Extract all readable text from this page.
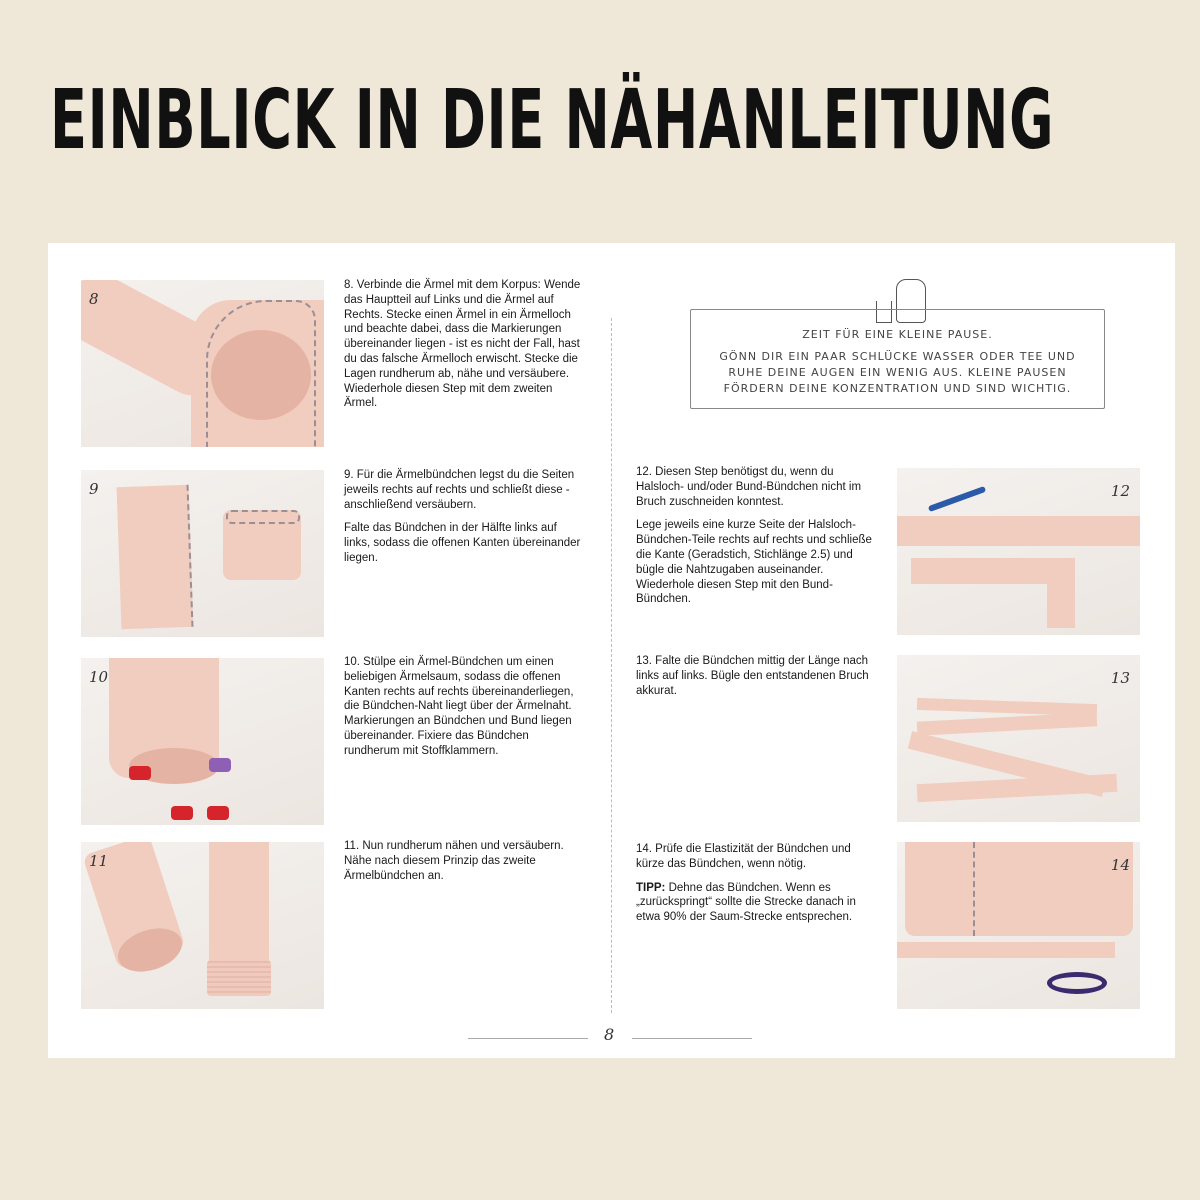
EINBLICK IN DIE NÄHANLEITUNG
8

8. Verbinde die Ärmel mit dem Korpus: Wende das Hauptteil auf Links und die Ärmel auf Rechts. Stecke einen Ärmel in ein Ärmelloch und beachte dabei, dass die Markierungen übereinander liegen - ist es nicht der Fall, hast du das falsche Ärmelloch erwischt. Stecke die Lagen rundherum ab, nähe und versäubere. Wiederhole diesen Step mit dem zweiten Ärmel.

9

9. Für die Ärmelbündchen legst du die Seiten jeweils rechts auf rechts und schließt diese - anschließend versäubern.

Falte das Bündchen in der Hälfte links auf links, sodass die offenen Kanten übereinander liegen.

10

10. Stülpe ein Ärmel-Bündchen um einen beliebigen Ärmelsaum, sodass die offenen Kanten rechts auf rechts übereinanderliegen, die Bündchen-Naht liegt über der Ärmelnaht. Markierungen an Bündchen und Bund liegen übereinander. Fixiere das Bündchen rundherum mit Stoffklammern.

11

11. Nun rundherum nähen und versäubern. Nähe nach diesem Prinzip das zweite Ärmelbündchen an.

ZEIT FÜR EINE KLEINE PAUSE.
GÖNN DIR EIN PAAR SCHLÜCKE WASSER ODER TEE UND RUHE DEINE AUGEN EIN WENIG AUS. KLEINE PAUSEN FÖRDERN DEINE KONZENTRATION UND SIND WICHTIG.

12. Diesen Step benötigst du, wenn du Halsloch- und/oder Bund-Bündchen nicht im Bruch zuschneiden konntest.

Lege jeweils eine kurze Seite der Halsloch-Bündchen-Teile rechts auf rechts und schließe die Kante (Geradstich, Stichlänge 2.5) und bügle die Nahtzugaben auseinander. Wiederhole diesen Step mit den Bund-Bündchen.

12

13. Falte die Bündchen mittig der Länge nach links auf links. Bügle den entstandenen Bruch akkurat.

13

14. Prüfe die Elastizität der Bündchen und kürze das Bündchen, wenn nötig.

TIPP: Dehne das Bündchen. Wenn es „zurückspringt“ sollte die Strecke danach in etwa 90% der Saum-Strecke entsprechen.

14
8
